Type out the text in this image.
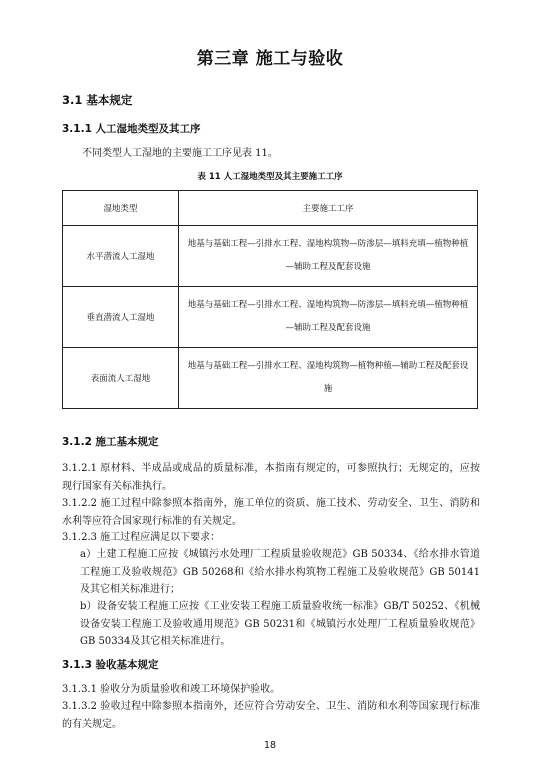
第三章 施工与验收
3.1 基本规定
3.1.1 人工湿地类型及其工序
不同类型人工湿地的主要施工工序见表 11。
表 11 人工湿地类型及其主要施工工序
湿地类型	主要施工工序
水平潜流人工湿地	地基与基础工程—引排水工程、湿地构筑物—防渗层—填料充填—植物种植—辅助工程及配套设施
垂直潜流人工湿地	地基与基础工程—引排水工程、湿地构筑物—防渗层—填料充填—植物种植—辅助工程及配套设施
表面流人工湿地	地基与基础工程—引排水工程、湿地构筑物—植物种植—辅助工程及配套设施
3.1.2 施工基本规定
3.1.2.1 原材料、半成品或成品的质量标准，本指南有规定的，可参照执行；无规定的，应按现行国家有关标准执行。
3.1.2.2 施工过程中除参照本指南外，施工单位的资质、施工技术、劳动安全、卫生、消防和水利等应符合国家现行标准的有关规定。
3.1.2.3 施工过程应满足以下要求：
a）土建工程施工应按《城镇污水处理厂工程质量验收规范》GB 50334、《给水排水管道工程施工及验收规范》GB 50268和《给水排水构筑物工程施工及验收规范》GB 50141及其它相关标准进行；
b）设备安装工程施工应按《工业安装工程施工质量验收统一标准》GB/T 50252、《机械设备安装工程施工及验收通用规范》GB 50231和《城镇污水处理厂工程质量验收规范》GB 50334及其它相关标准进行。
3.1.3 验收基本规定
3.1.3.1 验收分为质量验收和竣工环境保护验收。
3.1.3.2 验收过程中除参照本指南外，还应符合劳动安全、卫生、消防和水利等国家现行标准的有关规定。
18
